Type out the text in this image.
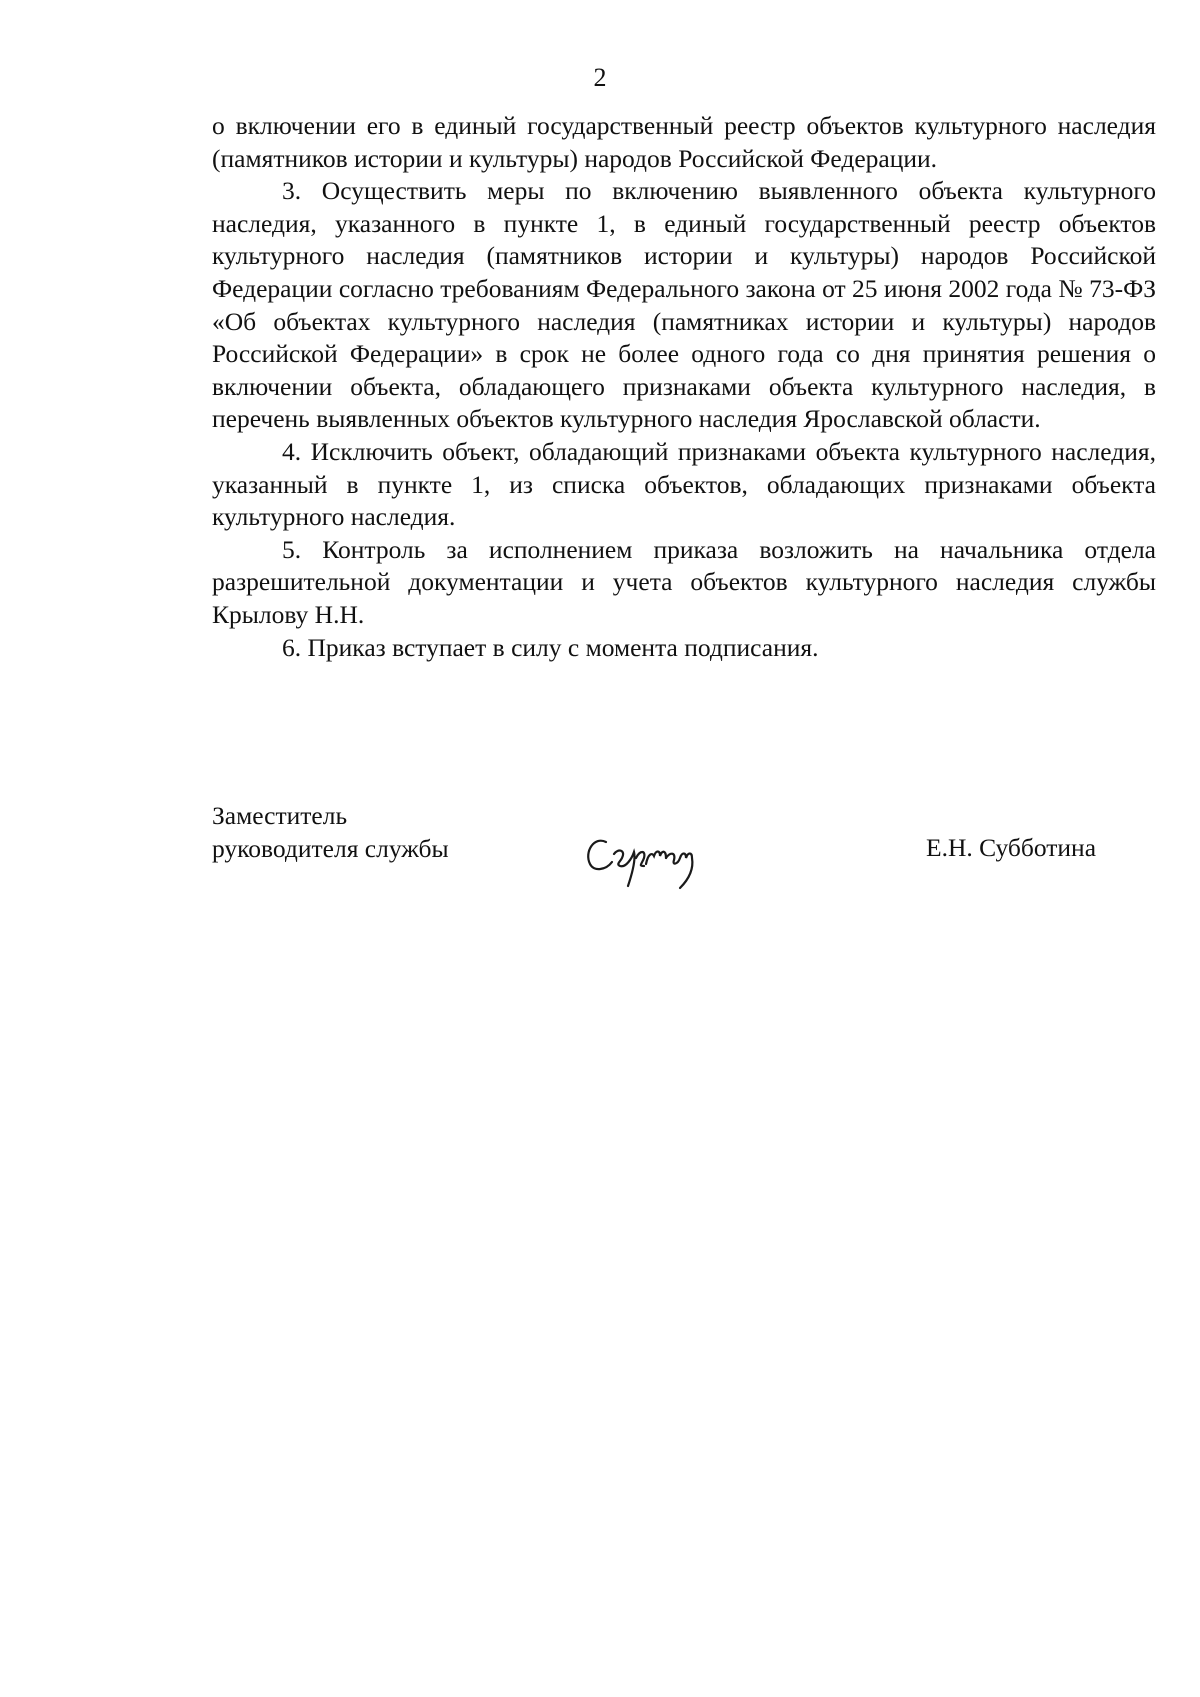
2

о включении его в единый государственный реестр объектов культурного наследия (памятников истории и культуры) народов Российской Федерации.

3. Осуществить меры по включению выявленного объекта культурного наследия, указанного в пункте 1, в единый государственный реестр объектов культурного наследия (памятников истории и культуры) народов Российской Федерации согласно требованиям Федерального закона от 25 июня 2002 года № 73-ФЗ «Об объектах культурного наследия (памятниках истории и культуры) народов Российской Федерации» в срок не более одного года со дня принятия решения о включении объекта, обладающего признаками объекта культурного наследия, в перечень выявленных объектов культурного наследия Ярославской области.

4. Исключить объект, обладающий признаками объекта культурного наследия, указанный в пункте 1, из списка объектов, обладающих признаками объекта культурного наследия.

5. Контроль за исполнением приказа возложить на начальника отдела разрешительной документации и учета объектов культурного наследия службы Крылову Н.Н.

6. Приказ вступает в силу с момента подписания.

Заместитель
руководителя службы	Е.Н. Субботина
